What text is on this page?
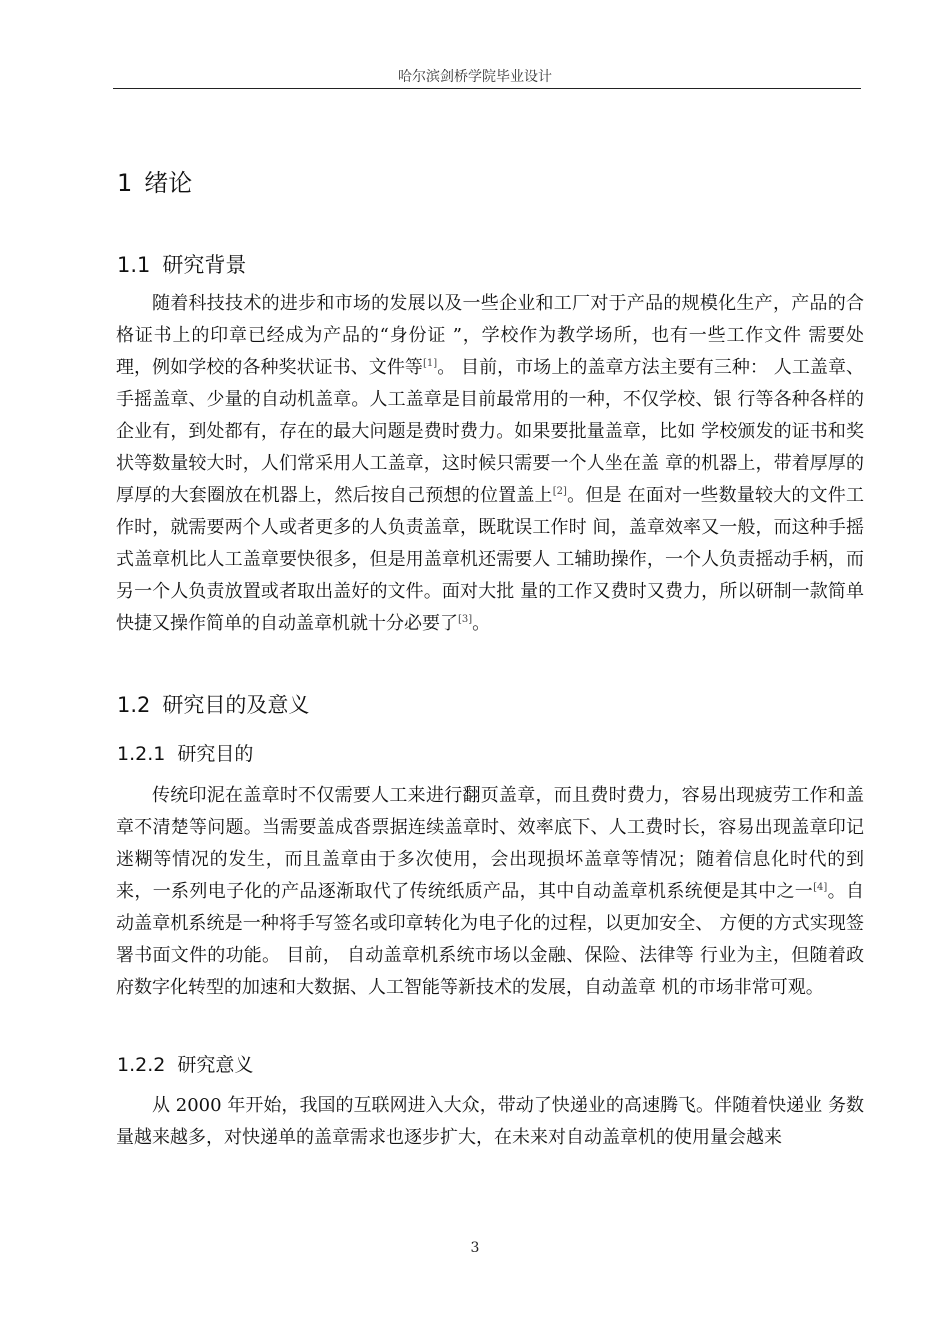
哈尔滨剑桥学院毕业设计
1 绪论
1.1 研究背景

随着科技技术的进步和市场的发展以及一些企业和工厂对于产品的规模化生产，产品的合格证书上的印章已经成为产品的“身份证 ”，学校作为教学场所，也有一些工作文件 需要处理，例如学校的各种奖状证书、文件等[1]。 目前，市场上的盖章方法主要有三种： 人工盖章、手摇盖章、少量的自动机盖章。人工盖章是目前最常用的一种，不仅学校、银 行等各种各样的企业有，到处都有，存在的最大问题是费时费力。如果要批量盖章，比如 学校颁发的证书和奖状等数量较大时，人们常采用人工盖章，这时候只需要一个人坐在盖 章的机器上，带着厚厚的厚厚的大套圈放在机器上，然后按自己预想的位置盖上[2]。但是 在面对一些数量较大的文件工作时，就需要两个人或者更多的人负责盖章，既耽误工作时 间，盖章效率又一般，而这种手摇式盖章机比人工盖章要快很多，但是用盖章机还需要人 工辅助操作，一个人负责摇动手柄，而另一个人负责放置或者取出盖好的文件。面对大批 量的工作又费时又费力，所以研制一款简单快捷又操作简单的自动盖章机就十分必要了[3]。

1.2 研究目的及意义
1.2.1 研究目的

传统印泥在盖章时不仅需要人工来进行翻页盖章，而且费时费力，容易出现疲劳工作和盖章不清楚等问题。当需要盖成沓票据连续盖章时、效率底下、人工费时长，容易出现盖章印记迷糊等情况的发生，而且盖章由于多次使用，会出现损坏盖章等情况；随着信息化时代的到来，一系列电子化的产品逐渐取代了传统纸质产品，其中自动盖章机系统便是其中之一[4]。自动盖章机系统是一种将手写签名或印章转化为电子化的过程，以更加安全、 方便的方式实现签署书面文件的功能。 目前， 自动盖章机系统市场以金融、保险、法律等 行业为主，但随着政府数字化转型的加速和大数据、人工智能等新技术的发展，自动盖章 机的市场非常可观。

1.2.2 研究意义

从 2000 年开始，我国的互联网进入大众，带动了快递业的高速腾飞。伴随着快递业 务数量越来越多，对快递单的盖章需求也逐步扩大，在未来对自动盖章机的使用量会越来

3
